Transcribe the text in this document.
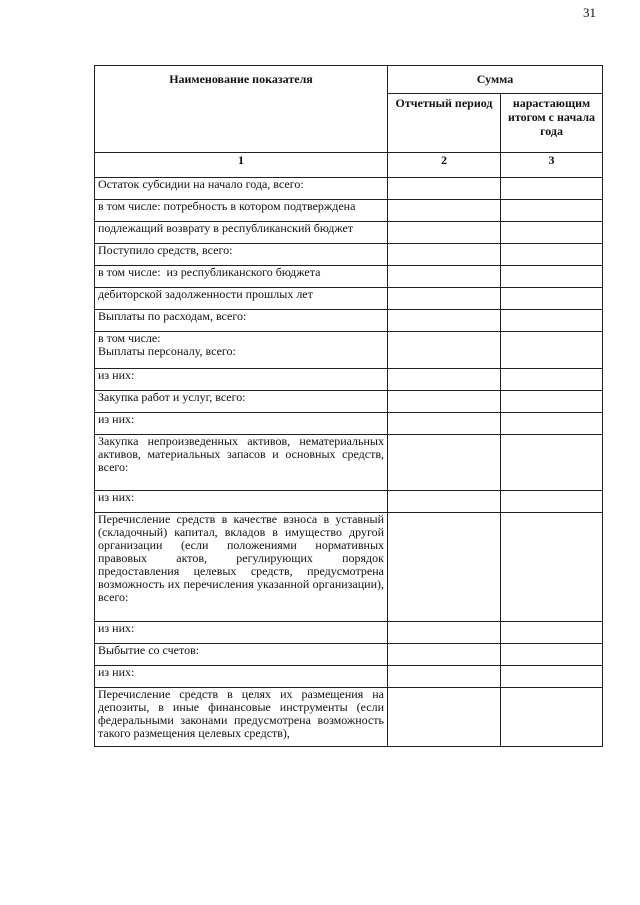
31
Наименование показателя	Сумма	
	Отчетный период	нарастающим итогом с начала года
1	2	3
Остаток субсидии на начало года, всего:		
в том числе: потребность в котором подтверждена		
подлежащий возврату в республиканский бюджет		
Поступило средств, всего:		
в том числе:  из республиканского бюджета		
дебиторской задолженности прошлых лет		
Выплаты по расходам, всего:		
в том числе:
Выплаты персоналу, всего:		
из них:		
Закупка работ и услуг, всего:		
из них:		
Закупка непроизведенных активов, нематериальных активов, материальных запасов и основных средств, всего:		
из них:		
Перечисление средств в качестве взноса в уставный (складочный) капитал, вкладов в имущество другой организации (если положениями нормативных правовых актов, регулирующих порядок предоставления целевых средств, предусмотрена возможность их перечисления указанной организации), всего:		
из них:		
Выбытие со счетов:		
из них:		
Перечисление средств в целях их размещения на депозиты, в иные финансовые инструменты (если федеральными законами предусмотрена возможность такого размещения целевых средств),		
